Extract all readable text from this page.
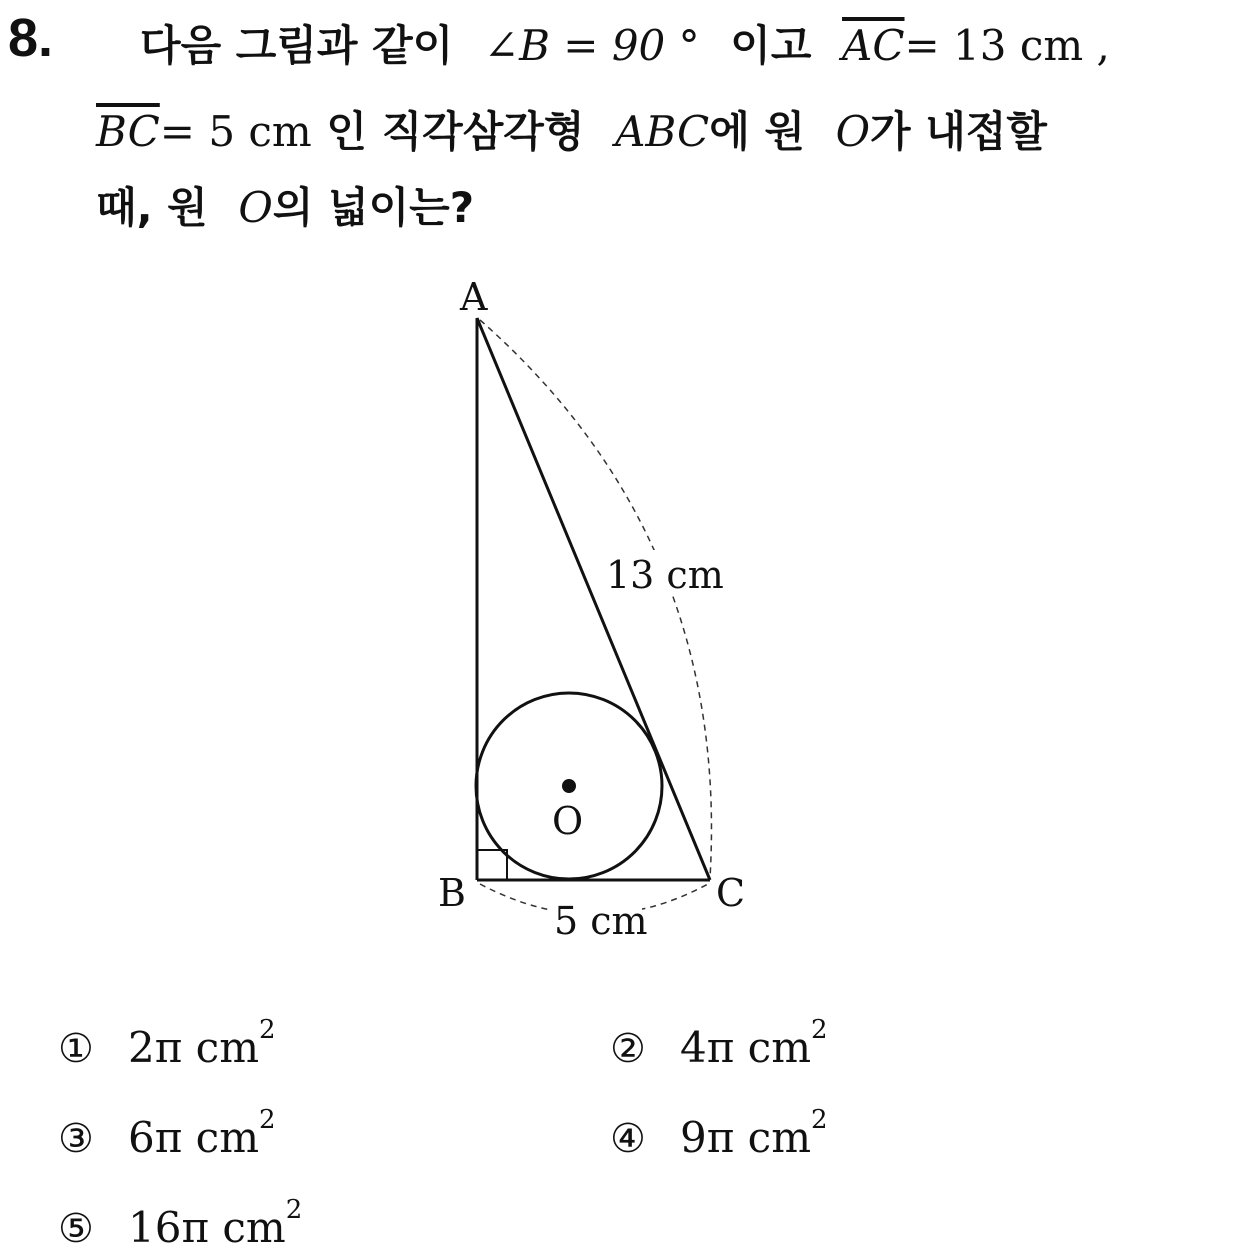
8. 다음 그림과 같이 ∠B = 90 ° 이고 $\overline{AC}= 13$ cm ,
$\overline{BC}= 5$ cm 인 직각삼각형 ABC에 원 O가 내접할
때, 원 O의 넓이는?
A
B	C
O
13 cm
5 cm
① 2π $cm^2$	② 4π $cm^2$
③ 6π $cm^2$	④ 9π $cm^2$
⑤ 16π $cm^2$
